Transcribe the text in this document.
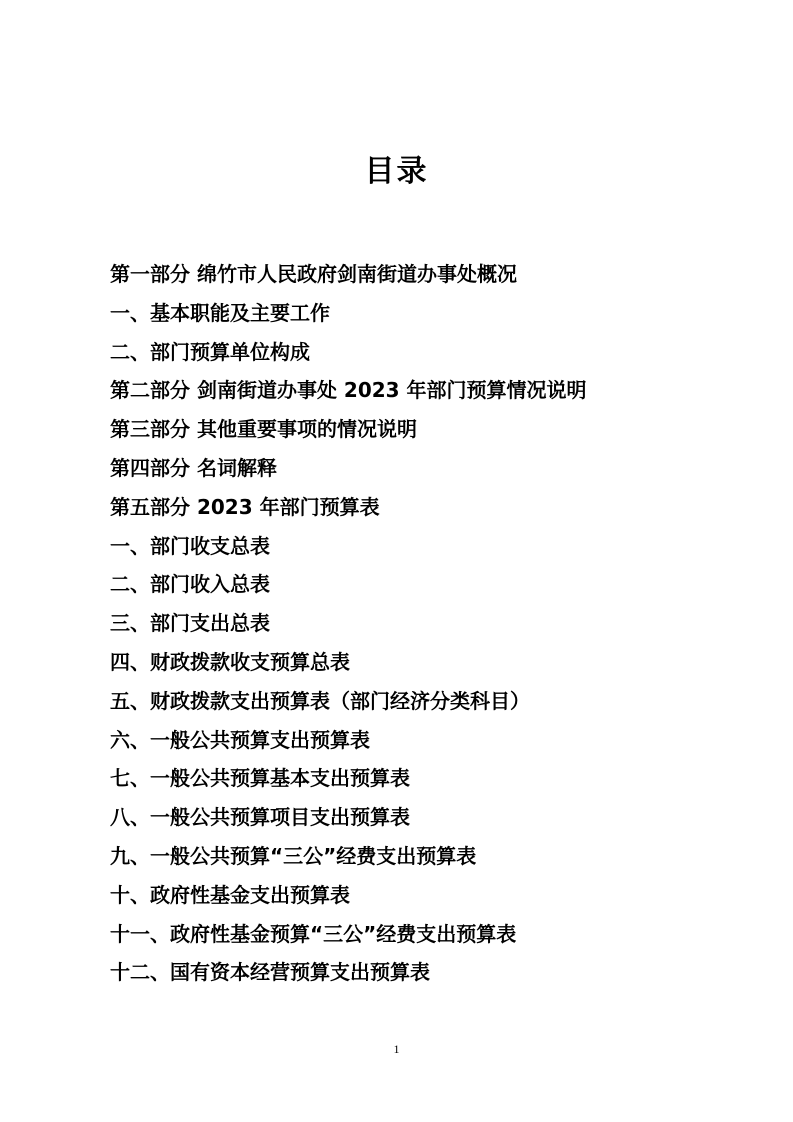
目录
第一部分 绵竹市人民政府剑南街道办事处概况
一、基本职能及主要工作
二、部门预算单位构成
第二部分 剑南街道办事处 2023 年部门预算情况说明
第三部分 其他重要事项的情况说明
第四部分 名词解释
第五部分 2023 年部门预算表
一、部门收支总表
二、部门收入总表
三、部门支出总表
四、财政拨款收支预算总表
五、财政拨款支出预算表（部门经济分类科目）
六、一般公共预算支出预算表
七、一般公共预算基本支出预算表
八、一般公共预算项目支出预算表
九、一般公共预算“三公”经费支出预算表
十、政府性基金支出预算表
十一、政府性基金预算“三公”经费支出预算表
十二、国有资本经营预算支出预算表
1
